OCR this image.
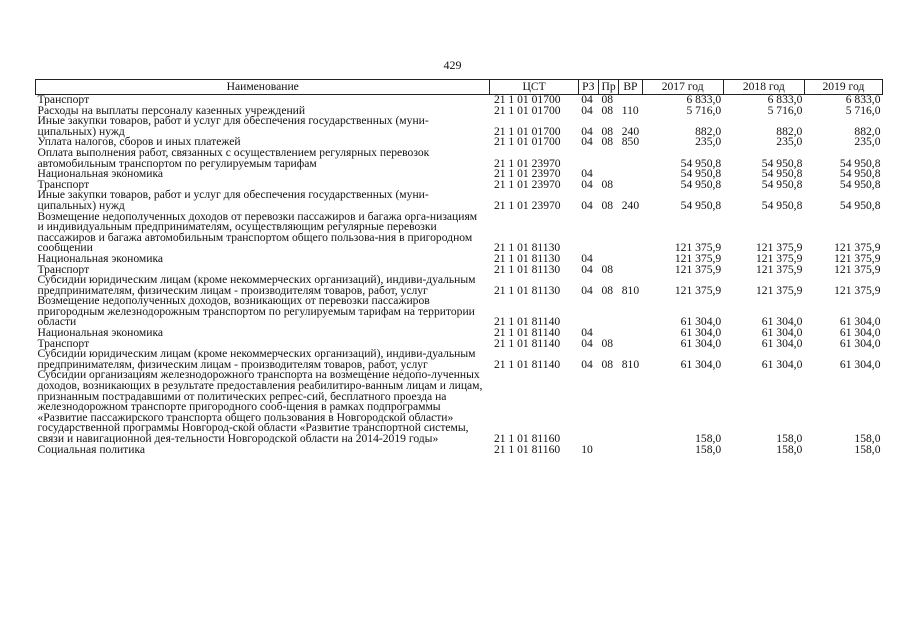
429
Наименование	ЦСТ	РЗ	Пр	ВР	2017 год	2018 год	2019 год
Транспорт	21 1 01 01700	04	08		6 833,0	6 833,0	6 833,0
Расходы на выплаты персоналу казенных учреждений	21 1 01 01700	04	08	110	5 716,0	5 716,0	5 716,0
Иные закупки товаров, работ и услуг для обеспечения государственных (муни-ципальных) нужд	21 1 01 01700	04	08	240	882,0	882,0	882,0
Уплата налогов, сборов и иных платежей	21 1 01 01700	04	08	850	235,0	235,0	235,0
Оплата выполнения работ, связанных с осуществлением регулярных перевозок автомобильным транспортом по регулируемым тарифам	21 1 01 23970				54 950,8	54 950,8	54 950,8
Национальная экономика	21 1 01 23970	04			54 950,8	54 950,8	54 950,8
Транспорт	21 1 01 23970	04	08		54 950,8	54 950,8	54 950,8
Иные закупки товаров, работ и услуг для обеспечения государственных (муни-ципальных) нужд	21 1 01 23970	04	08	240	54 950,8	54 950,8	54 950,8
Возмещение недополученных доходов от перевозки пассажиров и багажа орга-низациям и индивидуальным предпринимателям, осуществляющим регулярные перевозки пассажиров и багажа автомобильным транспортом общего пользова-ния в пригородном сообщении	21 1 01 81130				121 375,9	121 375,9	121 375,9
Национальная экономика	21 1 01 81130	04			121 375,9	121 375,9	121 375,9
Транспорт	21 1 01 81130	04	08		121 375,9	121 375,9	121 375,9
Субсидии юридическим лицам (кроме некоммерческих организаций), индиви-дуальным предпринимателям, физическим лицам - производителям товаров, работ, услуг	21 1 01 81130	04	08	810	121 375,9	121 375,9	121 375,9
Возмещение недополученных доходов, возникающих от перевозки пассажиров пригородным железнодорожным транспортом по регулируемым тарифам на территории области	21 1 01 81140				61 304,0	61 304,0	61 304,0
Национальная экономика	21 1 01 81140	04			61 304,0	61 304,0	61 304,0
Транспорт	21 1 01 81140	04	08		61 304,0	61 304,0	61 304,0
Субсидии юридическим лицам (кроме некоммерческих организаций), индиви-дуальным предпринимателям, физическим лицам - производителям товаров, работ, услуг	21 1 01 81140	04	08	810	61 304,0	61 304,0	61 304,0
Субсидии организациям железнодорожного транспорта на возмещение недопо-лученных доходов, возникающих в результате предоставления реабилитиро-ванным лицам и лицам, признанным пострадавшими от политических репрес-сий, бесплатного проезда на железнодорожном транспорте пригородного сооб-щения в рамках подпрограммы «Развитие пассажирского транспорта общего пользования в Новгородской области» государственной программы Новгород-ской области «Развитие транспортной системы, связи и навигационной дея-тельности Новгородской области на 2014-2019 годы»	21 1 01 81160				158,0	158,0	158,0
Социальная политика	21 1 01 81160	10			158,0	158,0	158,0
